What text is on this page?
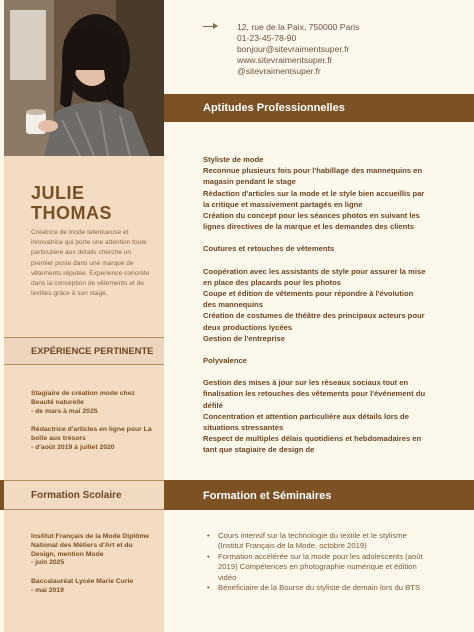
JULIE
THOMAS
Créatrice de mode talentueuse et innovatrice qui porte une attention toute particulière aux détails cherche un premier poste dans une marque de vêtements réputée. Experience concrète dans la conception de vêtements et de textiles grâce à son stage.
EXPÉRIENCE PERTINENTE
Stagiaire de création mode chez Beauté naturelle
- de mars à mai 2025
Rédactrice d'articles en ligne pour La boîte aux trésors
- d'août 2019 à juillet 2020
Formation Scolaire	Formation et Séminaires
Institut Français de la Mode Diplôme National des Métiers d'Art et du Design, mention Mode
- juin 2025
Baccalauréat Lycée Marie Curie
- mai 2019
12, rue de la Paix, 750000 Paris
01-23-45-78-90
bonjour@sitevraimentsuper.fr
www.sitevraimentsuper.fr
@sitevraimentsuper.fr
Aptitudes Professionnelles
Styliste de mode
Reconnue plusieurs fois pour l'habillage des mannequins en magasin pendant le stage
Rédaction d'articles sur la mode et le style bien accueillis par la critique et massivement partagés en ligne
Création du concept pour les séances photos en suivant les lignes directives de la marque et les demandes des clients
Coutures et retouches de vêtements
Coopération avec les assistants de style pour assurer la mise en place des placards pour les photos
Coupe et édition de vêtements pour répondre à l'évolution des mannequins
Création de costumes de théâtre des principaux acteurs pour deux productions lycées
Gestion de l'entreprise
Polyvalence
Gestion des mises à jour sur les réseaux sociaux tout en finalisation les retouches des vêtements pour l'événement du défilé
Concentration et attention particulière aux détails lors de situations stressantes
Respect de multiples délais quotidiens et hebdomadaires en tant que stagiaire de design de
• Cours intensif sur la technologie du textile et le stylisme (Institut Français de la Mode, octobre 2019)
• Formation accélérée sur la mode pour les adolescents (août 2019) Compétences en photographie numérique et édition vidéo
• Bénéficiaire de la Bourse du styliste de demain lors du BTS
